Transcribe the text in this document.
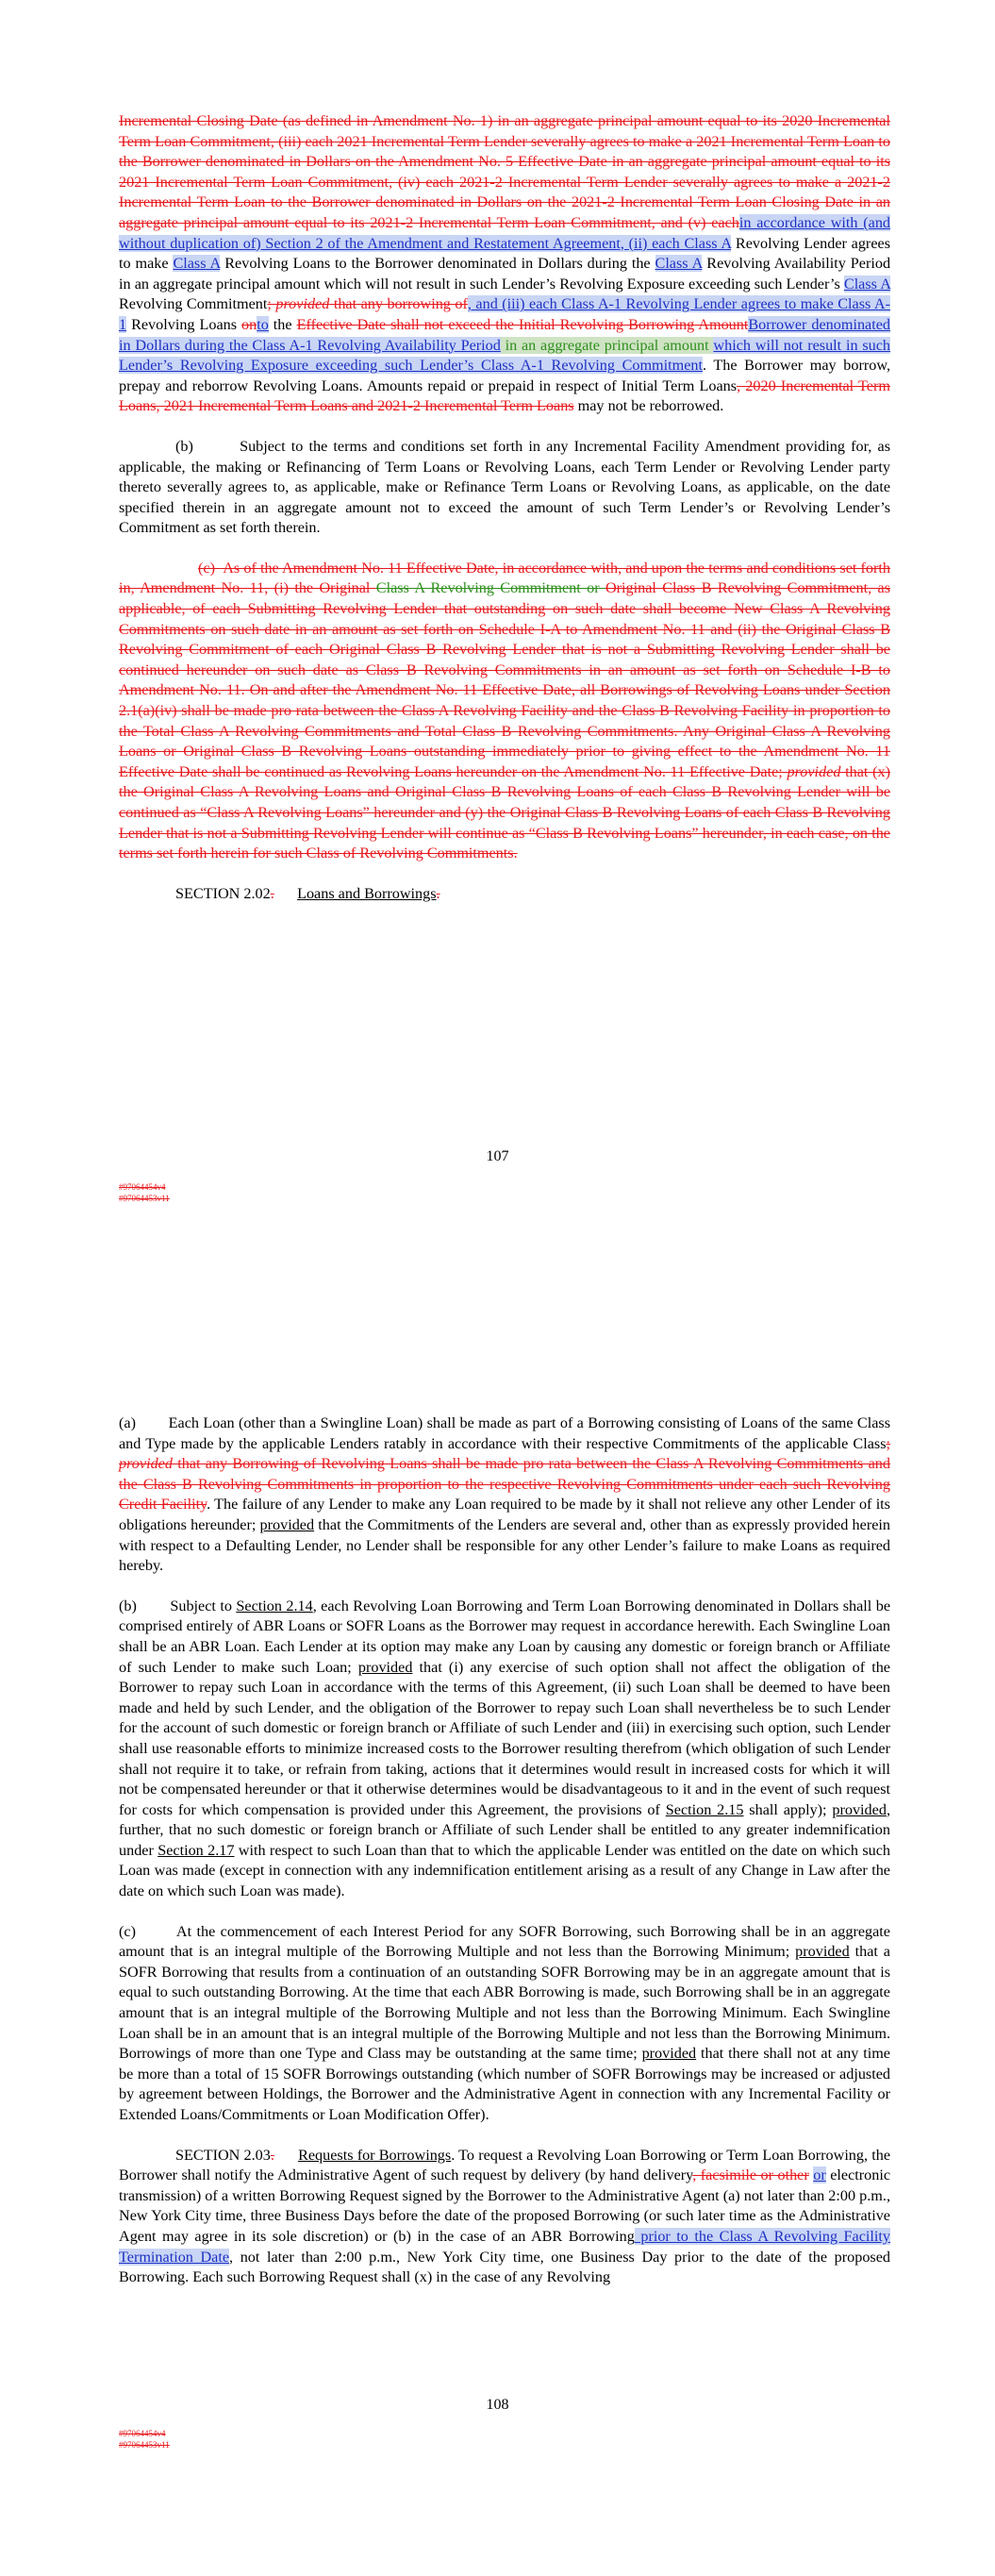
Incremental Closing Date (as defined in Amendment No. 1) in an aggregate principal amount equal to its 2020 Incremental Term Loan Commitment, (iii) each 2021 Incremental Term Lender severally agrees to make a 2021 Incremental Term Loan to the Borrower denominated in Dollars on the Amendment No. 5 Effective Date in an aggregate principal amount equal to its 2021 Incremental Term Loan Commitment, (iv) each 2021-2 Incremental Term Lender severally agrees to make a 2021-2 Incremental Term Loan to the Borrower denominated in Dollars on the 2021-2 Incremental Term Loan Closing Date in an aggregate principal amount equal to its 2021-2 Incremental Term Loan Commitment, and (v) eachin accordance with (and without duplication of) Section 2 of the Amendment and Restatement Agreement, (ii) each Class A Revolving Lender agrees to make Class A Revolving Loans to the Borrower denominated in Dollars during the Class A Revolving Availability Period in an aggregate principal amount which will not result in such Lender’s Revolving Exposure exceeding such Lender’s Class A Revolving Commitment; provided that any borrowing of, and (iii) each Class A-1 Revolving Lender agrees to make Class A-1 Revolving Loans onto the Effective Date shall not exceed the Initial Revolving Borrowing AmountBorrower denominated in Dollars during the Class A-1 Revolving Availability Period in an aggregate principal amount which will not result in such Lender’s Revolving Exposure exceeding such Lender’s Class A-1 Revolving Commitment. The Borrower may borrow, prepay and reborrow Revolving Loans. Amounts repaid or prepaid in respect of Initial Term Loans, 2020 Incremental Term Loans, 2021 Incremental Term Loans and 2021-2 Incremental Term Loans may not be reborrowed.

(b)        Subject to the terms and conditions set forth in any Incremental Facility Amendment providing for, as applicable, the making or Refinancing of Term Loans or Revolving Loans, each Term Lender or Revolving Lender party thereto severally agrees to, as applicable, make or Refinance Term Loans or Revolving Loans, as applicable, on the date specified therein in an aggregate amount not to exceed the amount of such Term Lender’s or Revolving Lender’s Commitment as set forth therein.

(c)  As of the Amendment No. 11 Effective Date, in accordance with, and upon the terms and conditions set forth in, Amendment No. 11, (i) the Original Class A Revolving Commitment or Original Class B Revolving Commitment, as applicable, of each Submitting Revolving Lender that outstanding on such date shall become New Class A Revolving Commitments on such date in an amount as set forth on Schedule I-A to Amendment No. 11 and (ii) the Original Class B Revolving Commitment of each Original Class B Revolving Lender that is not a Submitting Revolving Lender shall be continued hereunder on such date as Class B Revolving Commitments in an amount as set forth on Schedule I-B to Amendment No. 11. On and after the Amendment No. 11 Effective Date, all Borrowings of Revolving Loans under Section 2.1(a)(iv) shall be made pro rata between the Class A Revolving Facility and the Class B Revolving Facility in proportion to the Total Class A Revolving Commitments and Total Class B Revolving Commitments. Any Original Class A Revolving Loans or Original Class B Revolving Loans outstanding immediately prior to giving effect to the Amendment No. 11 Effective Date shall be continued as Revolving Loans hereunder on the Amendment No. 11 Effective Date; provided that (x) the Original Class A Revolving Loans and Original Class B Revolving Loans of each Class B Revolving Lender will be continued as “Class A Revolving Loans” hereunder and (y) the Original Class B Revolving Loans of each Class B Revolving Lender that is not a Submitting Revolving Lender will continue as “Class B Revolving Loans” hereunder, in each case, on the terms set forth herein for such Class of Revolving Commitments.

SECTION 2.02. Loans and Borrowings.

107
#97064454v4
#97064453v11

(a)        Each Loan (other than a Swingline Loan) shall be made as part of a Borrowing consisting of Loans of the same Class and Type made by the applicable Lenders ratably in accordance with their respective Commitments of the applicable Class; provided that any Borrowing of Revolving Loans shall be made pro rata between the Class A Revolving Commitments and the Class B Revolving Commitments in proportion to the respective Revolving Commitments under each such Revolving Credit Facility. The failure of any Lender to make any Loan required to be made by it shall not relieve any other Lender of its obligations hereunder; provided that the Commitments of the Lenders are several and, other than as expressly provided herein with respect to a Defaulting Lender, no Lender shall be responsible for any other Lender’s failure to make Loans as required hereby.

(b)        Subject to Section 2.14, each Revolving Loan Borrowing and Term Loan Borrowing denominated in Dollars shall be comprised entirely of ABR Loans or SOFR Loans as the Borrower may request in accordance herewith. Each Swingline Loan shall be an ABR Loan. Each Lender at its option may make any Loan by causing any domestic or foreign branch or Affiliate of such Lender to make such Loan; provided that (i) any exercise of such option shall not affect the obligation of the Borrower to repay such Loan in accordance with the terms of this Agreement, (ii) such Loan shall be deemed to have been made and held by such Lender, and the obligation of the Borrower to repay such Loan shall nevertheless be to such Lender for the account of such domestic or foreign branch or Affiliate of such Lender and (iii) in exercising such option, such Lender shall use reasonable efforts to minimize increased costs to the Borrower resulting therefrom (which obligation of such Lender shall not require it to take, or refrain from taking, actions that it determines would result in increased costs for which it will not be compensated hereunder or that it otherwise determines would be disadvantageous to it and in the event of such request for costs for which compensation is provided under this Agreement, the provisions of Section 2.15 shall apply); provided, further, that no such domestic or foreign branch or Affiliate of such Lender shall be entitled to any greater indemnification under Section 2.17 with respect to such Loan than that to which the applicable Lender was entitled on the date on which such Loan was made (except in connection with any indemnification entitlement arising as a result of any Change in Law after the date on which such Loan was made).

(c)        At the commencement of each Interest Period for any SOFR Borrowing, such Borrowing shall be in an aggregate amount that is an integral multiple of the Borrowing Multiple and not less than the Borrowing Minimum; provided that a SOFR Borrowing that results from a continuation of an outstanding SOFR Borrowing may be in an aggregate amount that is equal to such outstanding Borrowing. At the time that each ABR Borrowing is made, such Borrowing shall be in an aggregate amount that is an integral multiple of the Borrowing Multiple and not less than the Borrowing Minimum. Each Swingline Loan shall be in an amount that is an integral multiple of the Borrowing Multiple and not less than the Borrowing Minimum. Borrowings of more than one Type and Class may be outstanding at the same time; provided that there shall not at any time be more than a total of 15 SOFR Borrowings outstanding (which number of SOFR Borrowings may be increased or adjusted by agreement between Holdings, the Borrower and the Administrative Agent in connection with any Incremental Facility or Extended Loans/Commitments or Loan Modification Offer).

SECTION 2.03. Requests for Borrowings. To request a Revolving Loan Borrowing or Term Loan Borrowing, the Borrower shall notify the Administrative Agent of such request by delivery (by hand delivery, facsimile or other or electronic transmission) of a written Borrowing Request signed by the Borrower to the Administrative Agent (a) not later than 2:00 p.m., New York City time, three Business Days before the date of the proposed Borrowing (or such later time as the Administrative Agent may agree in its sole discretion) or (b) in the case of an ABR Borrowing prior to the Class A Revolving Facility Termination Date, not later than 2:00 p.m., New York City time, one Business Day prior to the date of the proposed Borrowing. Each such Borrowing Request shall (x) in the case of any Revolving

108
#97064454v4
#97064453v11
